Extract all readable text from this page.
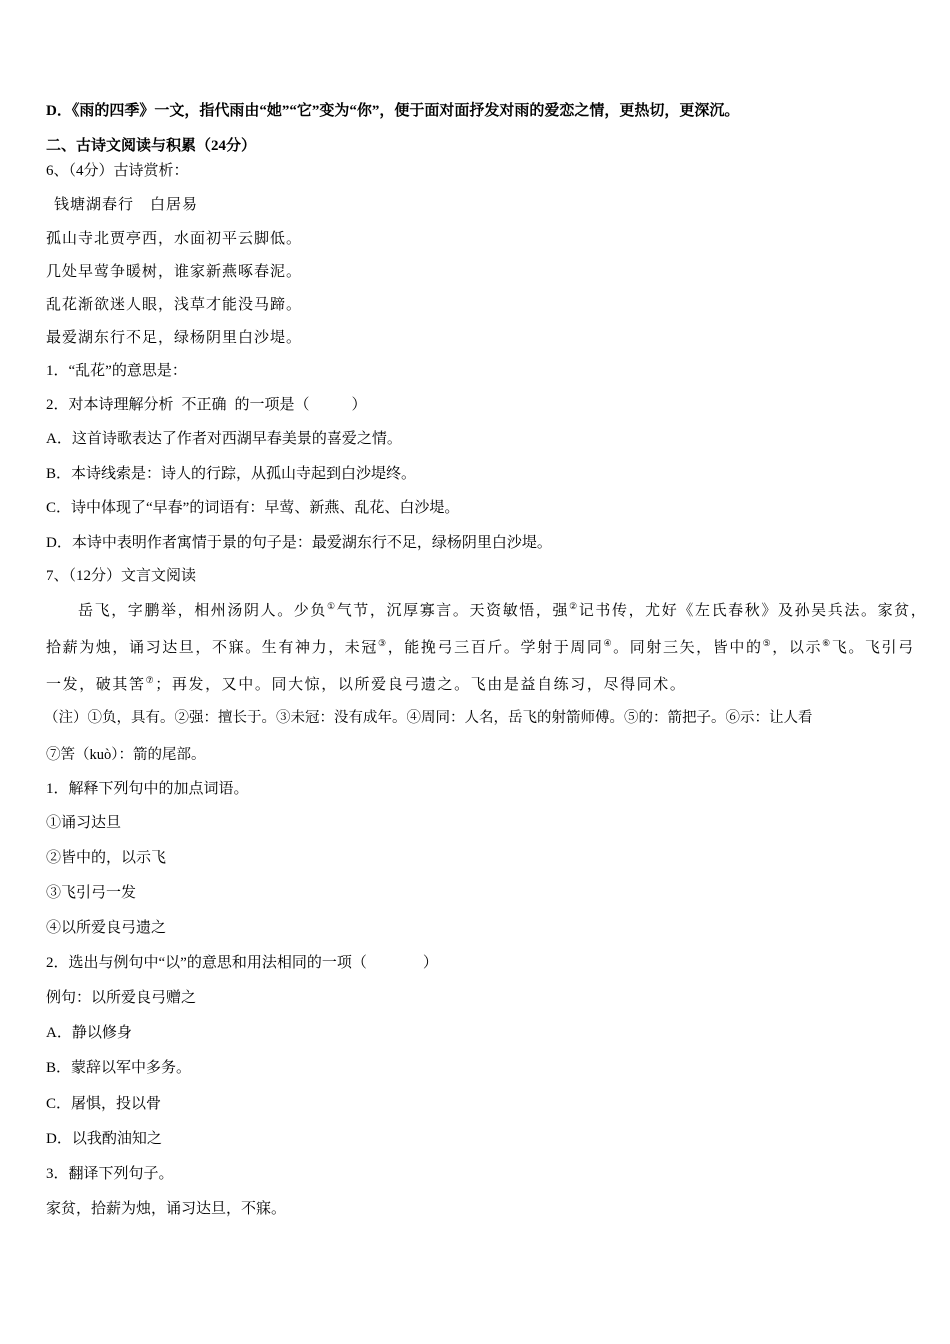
D．《雨的四季》一文，指代雨由“她”“它”变为“你”，便于面对面抒发对雨的爱恋之情，更热切，更深沉。
二、古诗文阅读与积累（24分）
6、（4分）古诗赏析：
钱塘湖春行　白居易
孤山寺北贾亭西，水面初平云脚低。
几处早莺争暖树，谁家新燕啄春泥。
乱花渐欲迷人眼，浅草才能没马蹄。
最爱湖东行不足，绿杨阴里白沙堤。
1．“乱花”的意思是：
2．对本诗理解分析 不正确 的一项是（	）
A．这首诗歌表达了作者对西湖早春美景的喜爱之情。
B．本诗线索是：诗人的行踪，从孤山寺起到白沙堤终。
C．诗中体现了“早春”的词语有：早莺、新燕、乱花、白沙堤。
D．本诗中表明作者寓情于景的句子是：最爱湖东行不足，绿杨阴里白沙堤。
7、（12分）文言文阅读
岳飞，字鹏举，相州汤阴人。少负①气节，沉厚寡言。天资敏悟，强②记书传，尤好《左氏春秋》及孙吴兵法。家贫，
拾薪为烛，诵习达旦，不寐。生有神力，未冠③，能挽弓三百斤。学射于周同④。同射三矢，皆中的⑤，以示⑥飞。飞引弓
一发，破其筈⑦；再发，又中。同大惊，以所爱良弓遗之。飞由是益自练习，尽得同术。
（注）①负，具有。②强：擅长于。③未冠：没有成年。④周同：人名，岳飞的射箭师傅。⑤的：箭把子。⑥示：让人看
⑦筈（kuò）：箭的尾部。
1．解释下列句中的加点词语。
①诵习达旦
②皆中的，以示飞
③飞引弓一发
④以所爱良弓遗之
2．选出与例句中“以”的意思和用法相同的一项（	）
例句：以所爱良弓赠之
A．静以修身
B．蒙辞以军中多务。
C．屠惧，投以骨
D．以我酌油知之
3．翻译下列句子。
家贫，拾薪为烛，诵习达旦，不寐。
